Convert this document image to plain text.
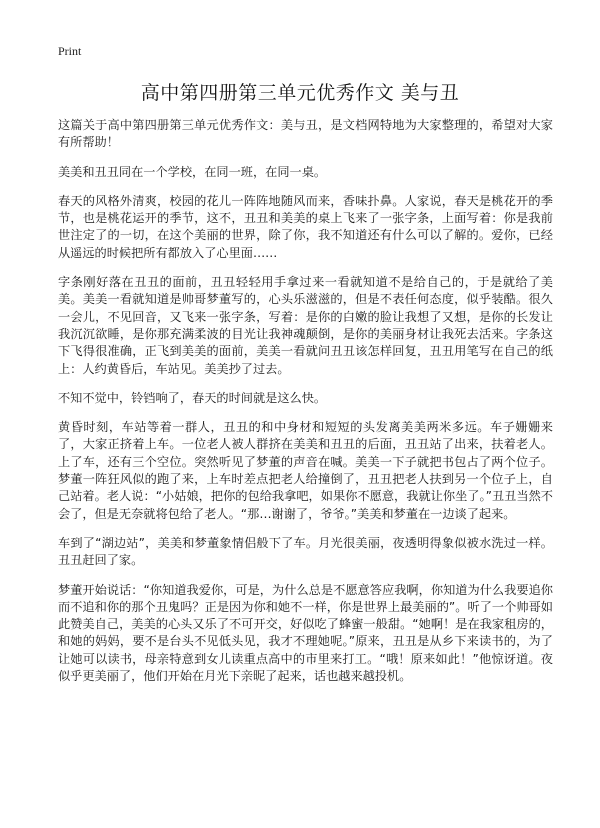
Print
高中第四册第三单元优秀作文 美与丑

这篇关于高中第四册第三单元优秀作文：美与丑，是文档网特地为大家整理的，希望对大家有所帮助！

美美和丑丑同在一个学校，在同一班，在同一桌。

春天的风格外清爽，校园的花儿一阵阵地随风而来，香味扑鼻。人家说，春天是桃花开的季节，也是桃花运开的季节，这不，丑丑和美美的桌上飞来了一张字条，上面写着：你是我前世注定了的一切，在这个美丽的世界，除了你，我不知道还有什么可以了解的。爱你，已经从遥远的时候把所有都放入了心里面……

字条刚好落在丑丑的面前，丑丑轻轻用手拿过来一看就知道不是给自己的，于是就给了美美。美美一看就知道是帅哥梦董写的，心头乐滋滋的，但是不表任何态度，似乎装酷。很久一会儿，不见回音，又飞来一张字条，写着：是你的白嫩的脸让我想了又想，是你的长发让我沉沉欲睡，是你那充满柔波的目光让我神魂颠倒，是你的美丽身材让我死去活来。字条这下飞得很准确，正飞到美美的面前，美美一看就问丑丑该怎样回复，丑丑用笔写在自己的纸上：人约黄昏后，车站见。美美抄了过去。

不知不觉中，铃铛响了，春天的时间就是这么快。

黄昏时刻，车站等着一群人，丑丑的和中身材和短短的头发离美美两米多远。车子姗姗来了，大家正挤着上车。一位老人被人群挤在美美和丑丑的后面，丑丑站了出来，扶着老人。上了车，还有三个空位。突然听见了梦董的声音在喊。美美一下子就把书包占了两个位子。梦董一阵狂风似的跑了来，上车时差点把老人给撞倒了，丑丑把老人扶到另一个位子上，自己站着。老人说：“小姑娘，把你的包给我拿吧，如果你不愿意，我就让你坐了。”丑丑当然不会了，但是无奈就将包给了老人。“那…谢谢了，爷爷。”美美和梦董在一边谈了起来。

车到了“湖边站”，美美和梦董象情侣般下了车。月光很美丽，夜透明得象似被水洗过一样。丑丑赶回了家。

梦董开始说话：“你知道我爱你，可是，为什么总是不愿意答应我啊，你知道为什么我要追你而不追和你的那个丑鬼吗？正是因为你和她不一样，你是世界上最美丽的”。听了一个帅哥如此赞美自己，美美的心头又乐了不可开交，好似吃了蜂蜜一般甜。“她啊！是在我家租房的，和她的妈妈，要不是台头不见低头见，我才不理她呢。”原来，丑丑是从乡下来读书的，为了让她可以读书，母亲特意到女儿读重点高中的市里来打工。“哦！原来如此！”他惊讶道。夜似乎更美丽了，他们开始在月光下亲昵了起来，话也越来越投机。
